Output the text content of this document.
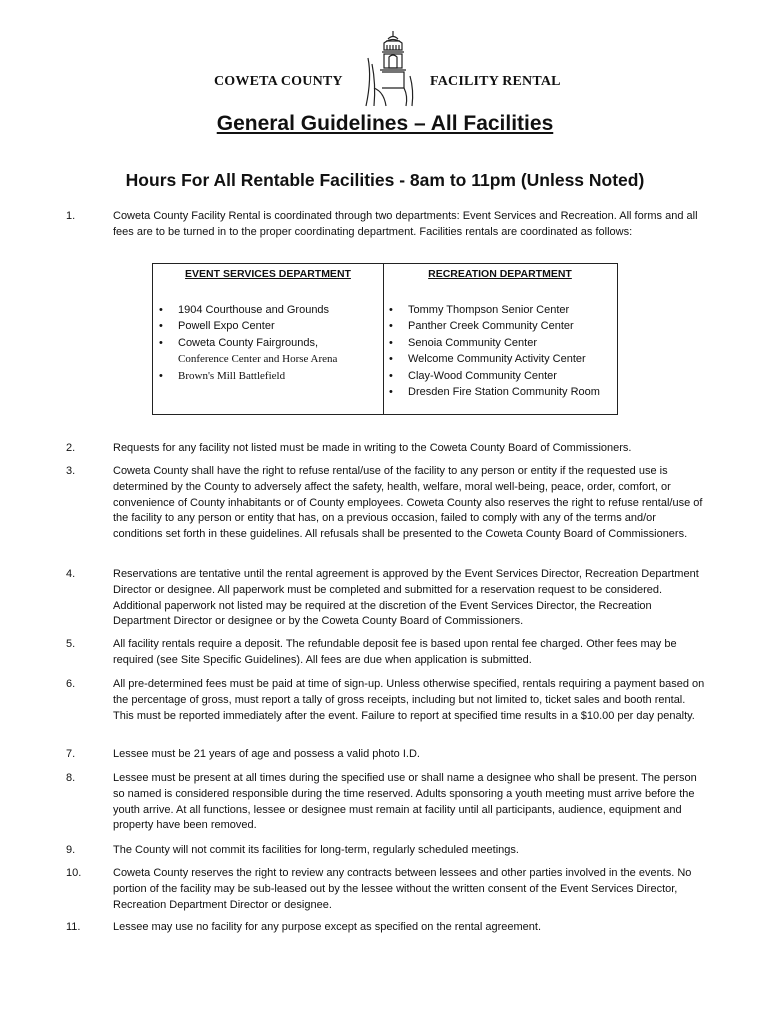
COWETA COUNTY	FACILITY RENTAL
General Guidelines – All Facilities
Hours For All Rentable Facilities - 8am to 11pm (Unless Noted)
1.	Coweta County Facility Rental is coordinated through two departments: Event Services and Recreation. All forms and all fees are to be turned in to the proper coordinating department. Facilities rentals are coordinated as follows:
EVENT SERVICES DEPARTMENT
• 1904 Courthouse and Grounds
• Powell Expo Center
• Coweta County Fairgrounds,
Conference Center and Horse Arena
• Brown's Mill Battlefield
RECREATION DEPARTMENT
• Tommy Thompson Senior Center
• Panther Creek Community Center
• Senoia Community Center
• Welcome Community Activity Center
• Clay-Wood Community Center
• Dresden Fire Station Community Room
2.	Requests for any facility not listed must be made in writing to the Coweta County Board of Commissioners.
3.	Coweta County shall have the right to refuse rental/use of the facility to any person or entity if the requested use is determined by the County to adversely affect the safety, health, welfare, moral well-being, peace, order, comfort, or convenience of County inhabitants or of County employees. Coweta County also reserves the right to refuse rental/use of the facility to any person or entity that has, on a previous occasion, failed to comply with any of the terms and/or conditions set forth in these guidelines. All refusals shall be presented to the Coweta County Board of Commissioners.
4.	Reservations are tentative until the rental agreement is approved by the Event Services Director, Recreation Department Director or designee. All paperwork must be completed and submitted for a reservation request to be considered. Additional paperwork not listed may be required at the discretion of the Event Services Director, the Recreation Department Director or designee or by the Coweta County Board of Commissioners.
5.	All facility rentals require a deposit. The refundable deposit fee is based upon rental fee charged. Other fees may be required (see Site Specific Guidelines). All fees are due when application is submitted.
6.	All pre-determined fees must be paid at time of sign-up. Unless otherwise specified, rentals requiring a payment based on the percentage of gross, must report a tally of gross receipts, including but not limited to, ticket sales and booth rental. This must be reported immediately after the event. Failure to report at specified time results in a $10.00 per day penalty.
7.	Lessee must be 21 years of age and possess a valid photo I.D.
8.	Lessee must be present at all times during the specified use or shall name a designee who shall be present. The person so named is considered responsible during the time reserved. Adults sponsoring a youth meeting must arrive before the youth arrive. At all functions, lessee or designee must remain at facility until all participants, audience, equipment and property have been removed.
9.	The County will not commit its facilities for long-term, regularly scheduled meetings.
10.	Coweta County reserves the right to review any contracts between lessees and other parties involved in the events. No portion of the facility may be sub-leased out by the lessee without the written consent of the Event Services Director, Recreation Department Director or designee.
11.	Lessee may use no facility for any purpose except as specified on the rental agreement.
